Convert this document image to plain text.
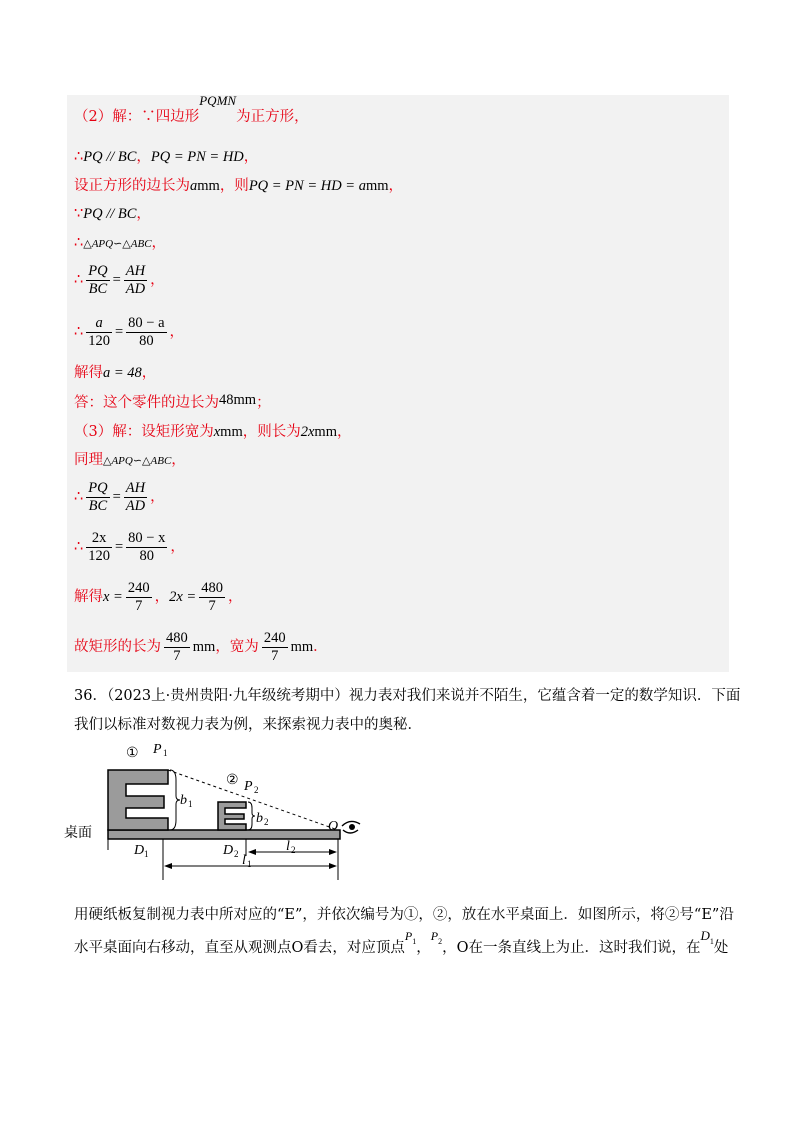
（2）解：∵四边形PQMN为正方形，
∴PQ // BC，PQ = PN = HD，
设正方形的边长为amm，则PQ = PN = HD = amm，
∵PQ // BC，
∴△APQ∽△ABC，
∴ $\frac{PQ}{BC} = \frac{AH}{AD}$ ，
∴ $\frac{a}{120} = \frac{80 - a}{80}$ ，
解得a = 48，
答：这个零件的边长为48mm；
（3）解：设矩形宽为xmm，则长为2xmm，
同理△APQ∽△ABC，
∴ $\frac{PQ}{BC} = \frac{AH}{AD}$ ，
∴ $\frac{2x}{120} = \frac{80 - x}{80}$ ，
解得$x = \frac{240}{7}$ ，$2x = \frac{480}{7}$ ，
故矩形的长为 $\frac{480}{7}$ mm，宽为 $\frac{240}{7}$ mm．
36．（2023上·贵州贵阳·九年级统考期中）视力表对我们来说并不陌生，它蕴含着一定的数学知识．下面
我们以标准对数视力表为例，来探索视力表中的奥秘．
① P 1
② P 2
b 1
b 2	O
桌面
D 1	D 2	l 2
l 1
用硬纸板复制视力表中所对应的“E”，并依次编号为①，②，放在水平桌面上．如图所示，将②号“E”沿
水平桌面向右移动，直至从观测点O看去，对应顶点$^{P1}$，$^{P2}$，O在一条直线上为止．这时我们说，在$D^1$处
